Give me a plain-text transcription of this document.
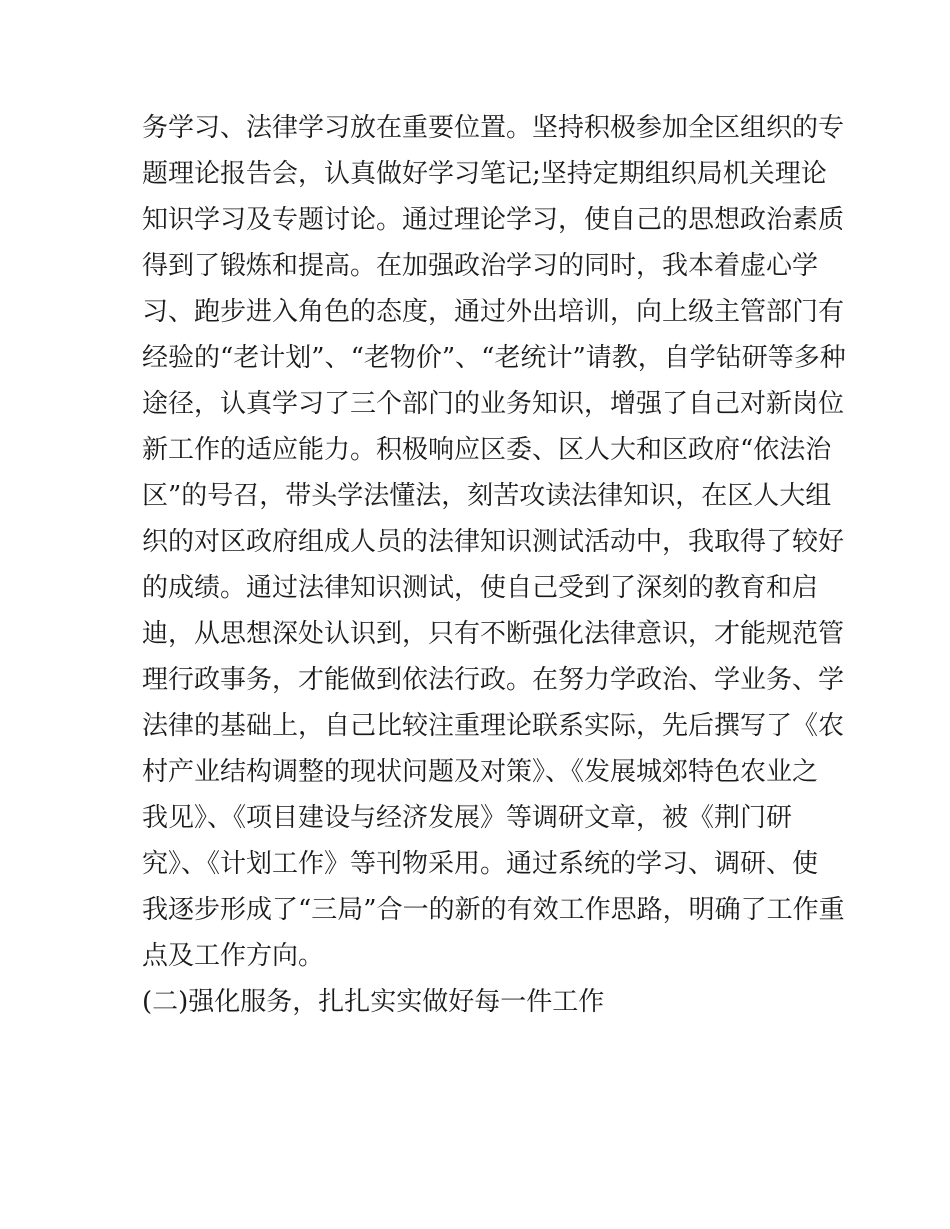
务学习、法律学习放在重要位置。坚持积极参加全区组织的专
题理论报告会，认真做好学习笔记;坚持定期组织局机关理论
知识学习及专题讨论。通过理论学习，使自己的思想政治素质
得到了锻炼和提高。在加强政治学习的同时，我本着虚心学
习、跑步进入角色的态度，通过外出培训，向上级主管部门有
经验的“老计划”、“老物价”、“老统计”请教，自学钻研等多种
途径，认真学习了三个部门的业务知识，增强了自己对新岗位
新工作的适应能力。积极响应区委、区人大和区政府“依法治
区”的号召，带头学法懂法，刻苦攻读法律知识，在区人大组
织的对区政府组成人员的法律知识测试活动中，我取得了较好
的成绩。通过法律知识测试，使自己受到了深刻的教育和启
迪，从思想深处认识到，只有不断强化法律意识，才能规范管
理行政事务，才能做到依法行政。在努力学政治、学业务、学
法律的基础上，自己比较注重理论联系实际，先后撰写了《农
村产业结构调整的现状问题及对策》、《发展城郊特色农业之
我见》、《项目建设与经济发展》等调研文章，被《荆门研
究》、《计划工作》等刊物采用。通过系统的学习、调研、使
我逐步形成了“三局”合一的新的有效工作思路，明确了工作重
点及工作方向。
(二)强化服务，扎扎实实做好每一件工作
